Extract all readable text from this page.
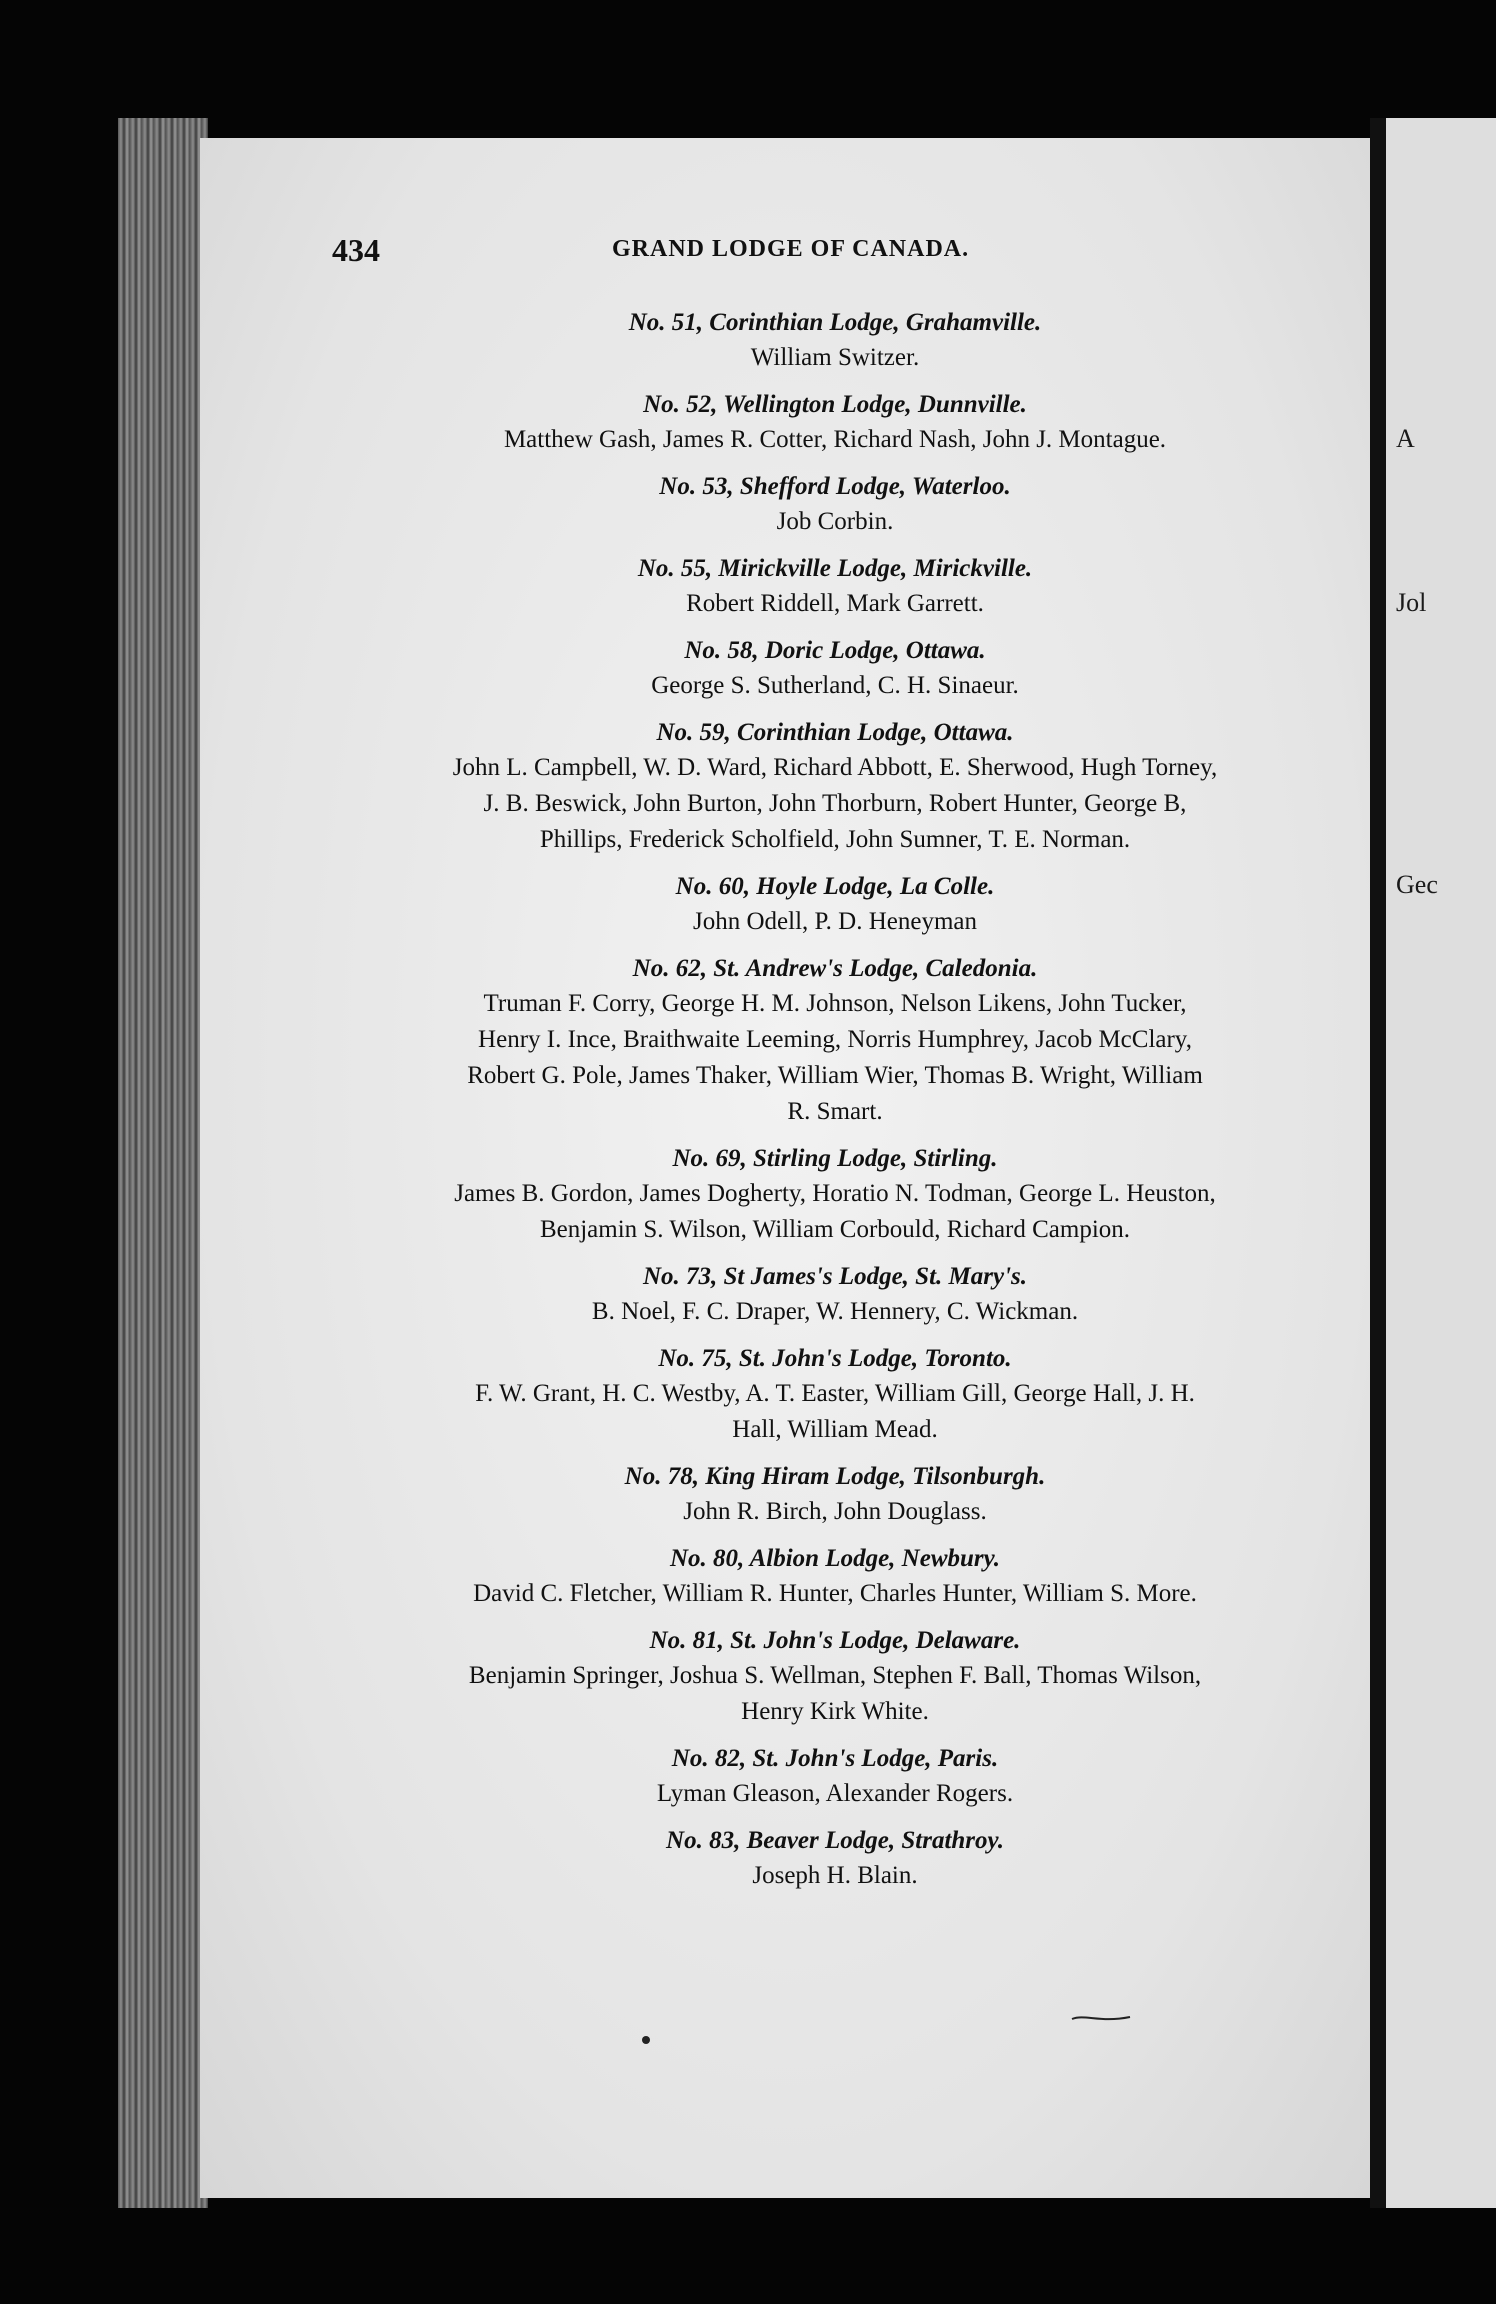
A
Jol
Gec
434	GRAND LODGE OF CANADA.
No. 51, Corinthian Lodge, Grahamville.
William Switzer.
No. 52, Wellington Lodge, Dunnville.
Matthew Gash, James R. Cotter, Richard Nash, John J. Montague.
No. 53, Shefford Lodge, Waterloo.
Job Corbin.
No. 55, Mirickville Lodge, Mirickville.
Robert Riddell, Mark Garrett.
No. 58, Doric Lodge, Ottawa.
George S. Sutherland, C. H. Sinaeur.
No. 59, Corinthian Lodge, Ottawa.
John L. Campbell, W. D. Ward, Richard Abbott, E. Sherwood, Hugh Torney,
J. B. Beswick, John Burton, John Thorburn, Robert Hunter, George B,
Phillips, Frederick Scholfield, John Sumner, T. E. Norman.
No. 60, Hoyle Lodge, La Colle.
John Odell, P. D. Heneyman
No. 62, St. Andrew's Lodge, Caledonia.
Truman F. Corry, George H. M. Johnson, Nelson Likens, John Tucker,
Henry I. Ince, Braithwaite Leeming, Norris Humphrey, Jacob McClary,
Robert G. Pole, James Thaker, William Wier, Thomas B. Wright, William
R. Smart.
No. 69, Stirling Lodge, Stirling.
James B. Gordon, James Dogherty, Horatio N. Todman, George L. Heuston,
Benjamin S. Wilson, William Corbould, Richard Campion.
No. 73, St James's Lodge, St. Mary's.
B. Noel, F. C. Draper, W. Hennery, C. Wickman.
No. 75, St. John's Lodge, Toronto.
F. W. Grant, H. C. Westby, A. T. Easter, William Gill, George Hall, J. H.
Hall, William Mead.
No. 78, King Hiram Lodge, Tilsonburgh.
John R. Birch, John Douglass.
No. 80, Albion Lodge, Newbury.
David C. Fletcher, William R. Hunter, Charles Hunter, William S. More.
No. 81, St. John's Lodge, Delaware.
Benjamin Springer, Joshua S. Wellman, Stephen F. Ball, Thomas Wilson,
Henry Kirk White.
No. 82, St. John's Lodge, Paris.
Lyman Gleason, Alexander Rogers.
No. 83, Beaver Lodge, Strathroy.
Joseph H. Blain.
